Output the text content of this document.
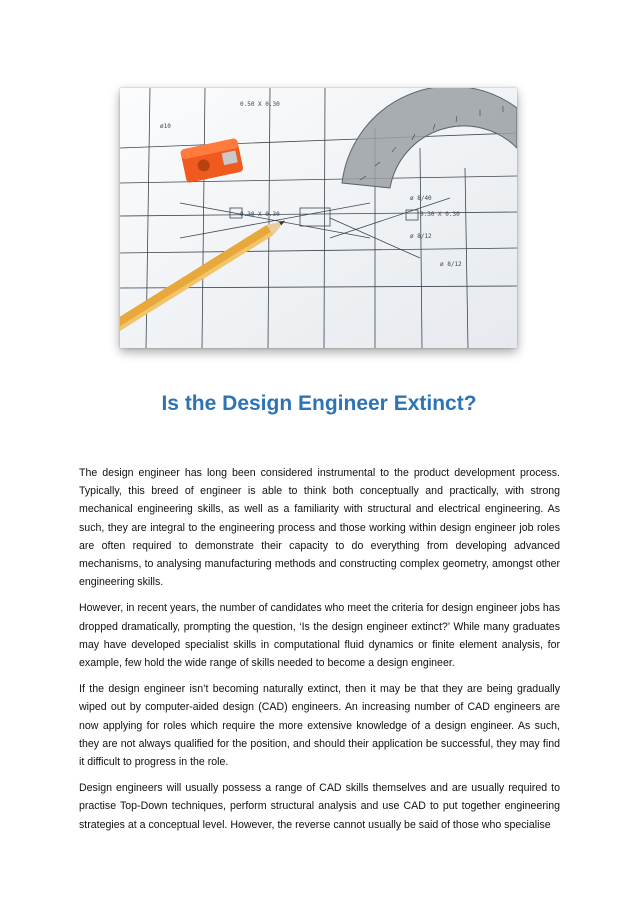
0.50 X 0.30
ø10
0.30 X 0.30	0.30 X 0.30
ø 8/12
ø 8/40
ø 8/12
Is the Design Engineer Extinct?

The design engineer has long been considered instrumental to the product development process. Typically, this breed of engineer is able to think both conceptually and practically, with strong mechanical engineering skills, as well as a familiarity with structural and electrical engineering. As such, they are integral to the engineering process and those working within design engineer job roles are often required to demonstrate their capacity to do everything from developing advanced mechanisms, to analysing manufacturing methods and constructing complex geometry, amongst other engineering skills.

However, in recent years, the number of candidates who meet the criteria for design engineer jobs has dropped dramatically, prompting the question, ‘Is the design engineer extinct?’ While many graduates may have developed specialist skills in computational fluid dynamics or finite element analysis, for example, few hold the wide range of skills needed to become a design engineer.

If the design engineer isn’t becoming naturally extinct, then it may be that they are being gradually wiped out by computer-aided design (CAD) engineers. An increasing number of CAD engineers are now applying for roles which require the more extensive knowledge of a design engineer. As such, they are not always qualified for the position, and should their application be successful, they may find it difficult to progress in the role.

Design engineers will usually possess a range of CAD skills themselves and are usually required to practise Top-Down techniques, perform structural analysis and use CAD to put together engineering strategies at a conceptual level. However, the reverse cannot usually be said of those who specialise
